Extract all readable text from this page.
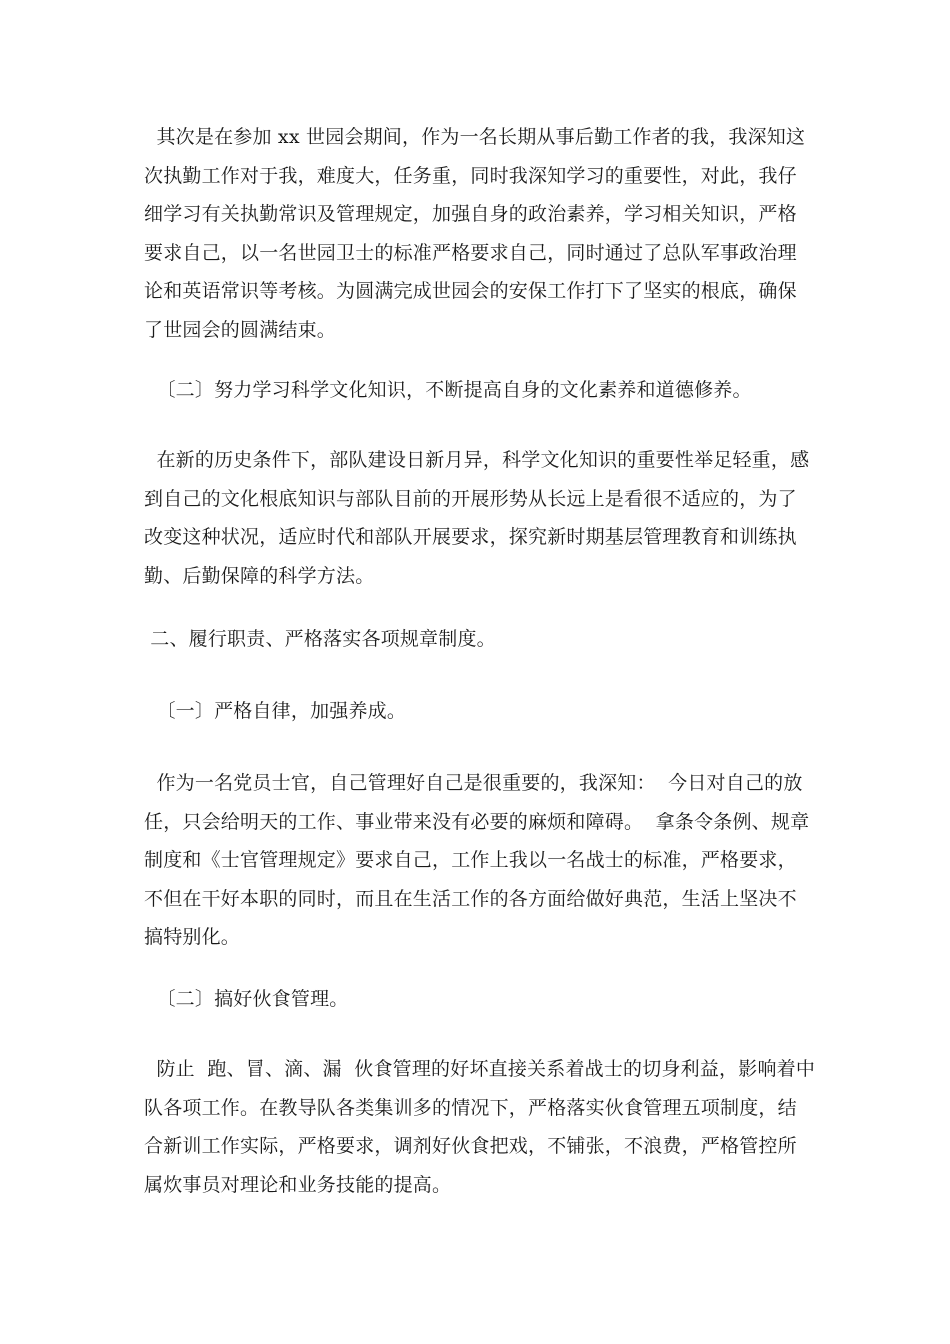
其次是在参加 xx 世园会期间，作为一名长期从事后勤工作者的我，我深知这
次执勤工作对于我，难度大，任务重，同时我深知学习的重要性，对此，我仔
细学习有关执勤常识及管理规定，加强自身的政治素养，学习相关知识，严格
要求自己，以一名世园卫士的标准严格要求自己，同时通过了总队军事政治理
论和英语常识等考核。为圆满完成世园会的安保工作打下了坚实的根底，确保
了世园会的圆满结束。
〔二〕努力学习科学文化知识，不断提高自身的文化素养和道德修养。
在新的历史条件下，部队建设日新月异，科学文化知识的重要性举足轻重，感
到自己的文化根底知识与部队目前的开展形势从长远上是看很不适应的，为了
改变这种状况，适应时代和部队开展要求，探究新时期基层管理教育和训练执
勤、后勤保障的科学方法。
二、履行职责、严格落实各项规章制度。
〔一〕严格自律，加强养成。
作为一名党员士官，自己管理好自己是很重要的，我深知：  今日对自己的放
任，只会给明天的工作、事业带来没有必要的麻烦和障碍。  拿条令条例、规章
制度和《士官管理规定》要求自己，工作上我以一名战士的标准，严格要求，
不但在干好本职的同时，而且在生活工作的各方面给做好典范，生活上坚决不
搞特别化。
〔二〕搞好伙食管理。
防止  跑、冒、滴、漏  伙食管理的好坏直接关系着战士的切身利益，影响着中
队各项工作。在教导队各类集训多的情况下，严格落实伙食管理五项制度，结
合新训工作实际，严格要求，调剂好伙食把戏，不铺张，不浪费，严格管控所
属炊事员对理论和业务技能的提高。
